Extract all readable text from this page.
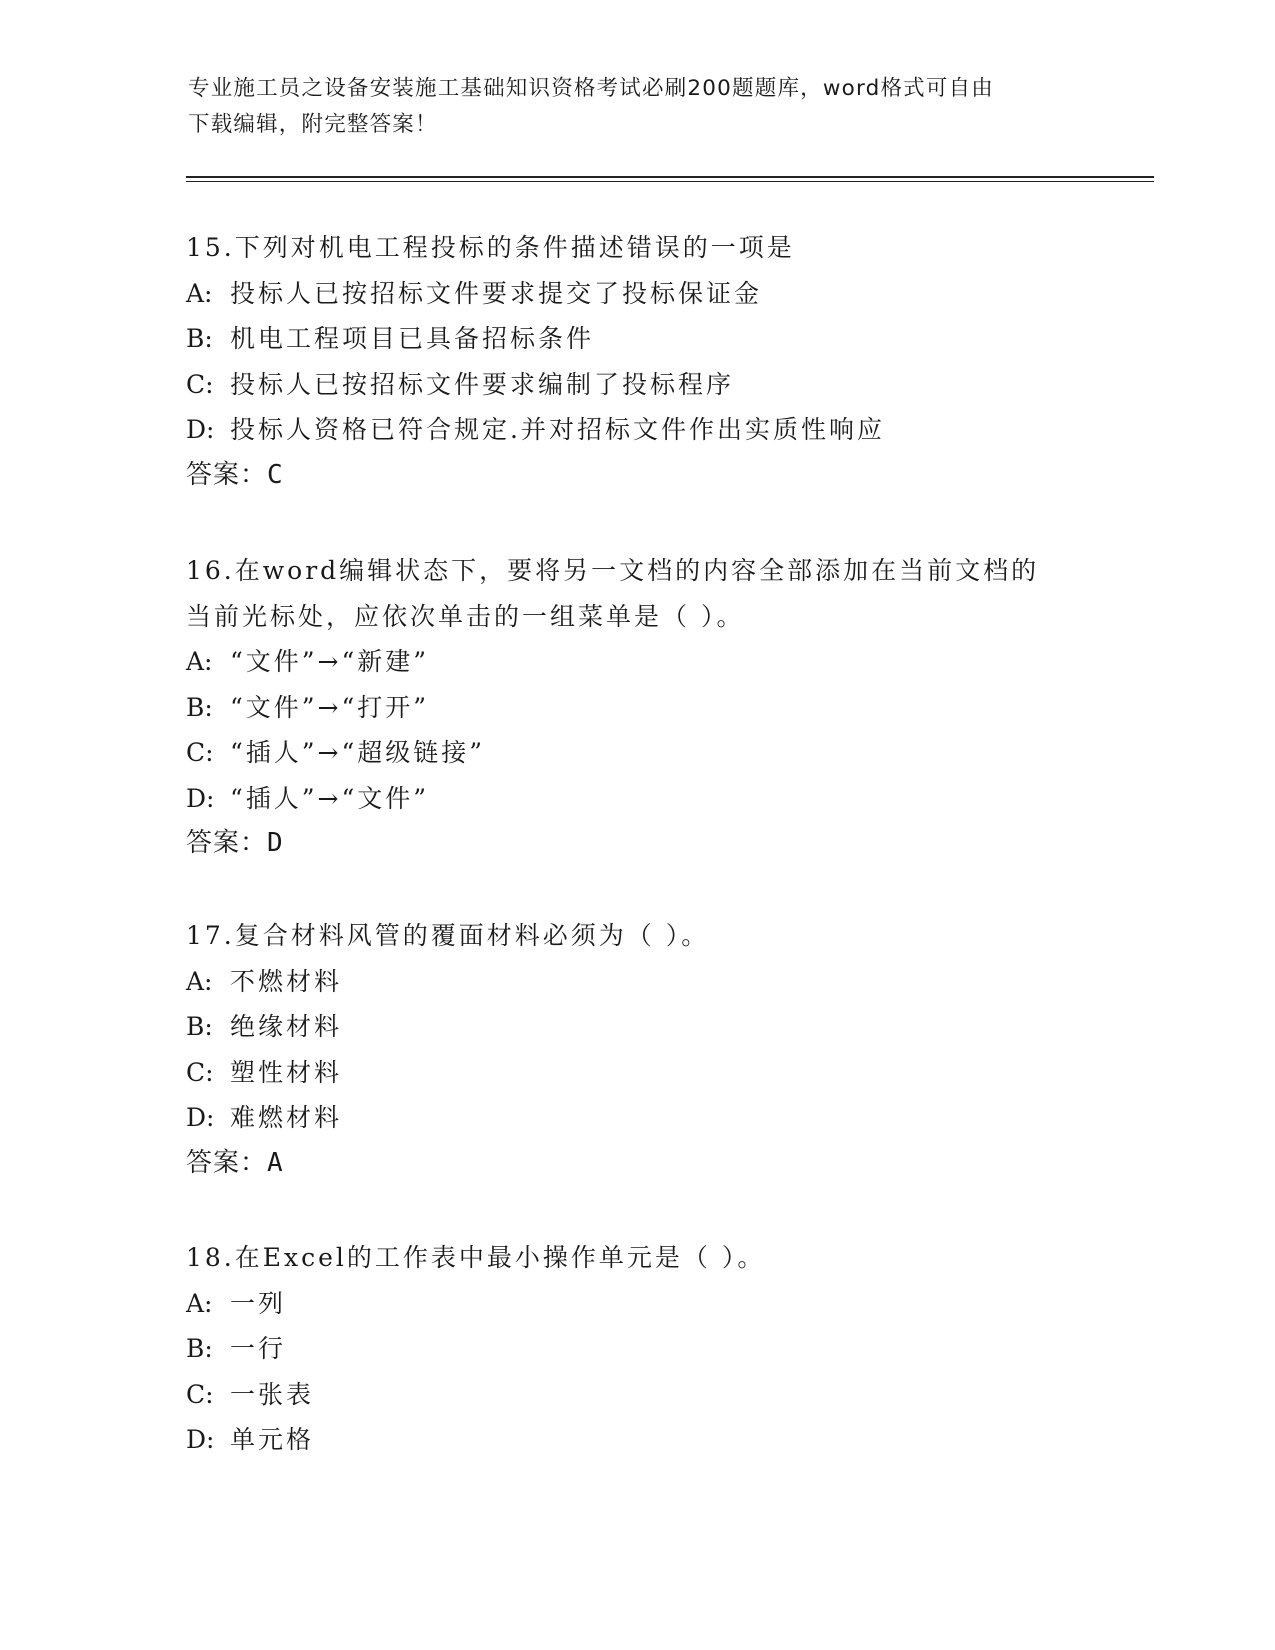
专业施工员之设备安装施工基础知识资格考试必刷200题题库，word格式可自由
下载编辑，附完整答案！
15.下列对机电工程投标的条件描述错误的一项是
A: 投标人已按招标文件要求提交了投标保证金
B: 机电工程项目已具备招标条件
C: 投标人已按招标文件要求编制了投标程序
D: 投标人资格已符合规定.并对招标文件作出实质性响应
答案：C
16.在word编辑状态下，要将另一文档的内容全部添加在当前文档的
当前光标处，应依次单击的一组菜单是（ ）。
A: “文件”→“新建”
B: “文件”→“打开”
C: “插人”→“超级链接”
D: “插人”→“文件”
答案：D
17.复合材料风管的覆面材料必须为（ ）。
A: 不燃材料
B: 绝缘材料
C: 塑性材料
D: 难燃材料
答案：A
18.在Excel的工作表中最小操作单元是（ ）。
A: 一列
B: 一行
C: 一张表
D: 单元格
